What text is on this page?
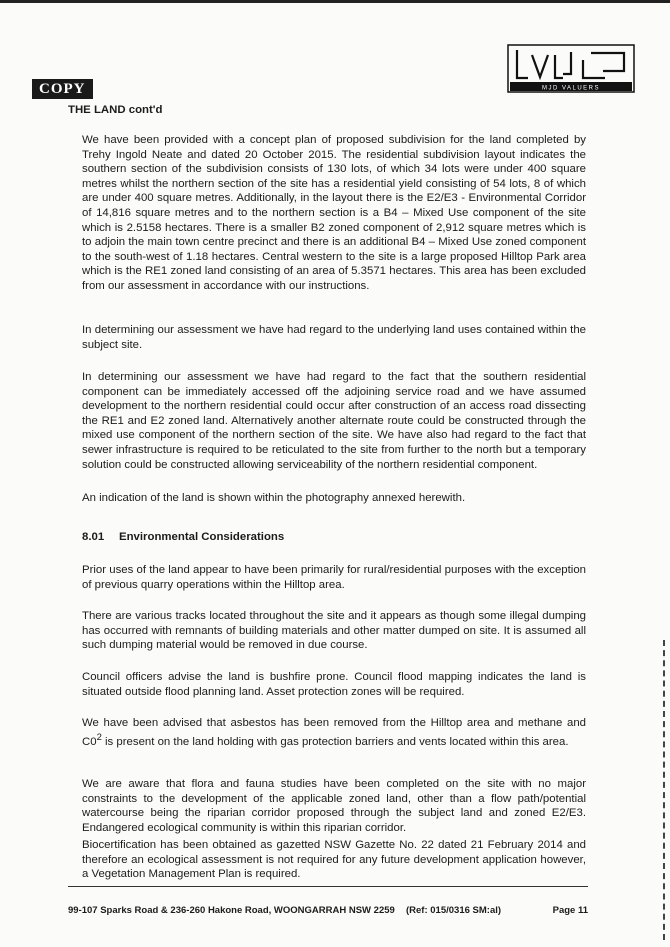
MJD VALUERS
COPY
THE LAND cont'd

We have been provided with a concept plan of proposed subdivision for the land completed by Trehy Ingold Neate and dated 20 October 2015. The residential subdivision layout indicates the southern section of the subdivision consists of 130 lots, of which 34 lots were under 400 square metres whilst the northern section of the site has a residential yield consisting of 54 lots, 8 of which are under 400 square metres. Additionally, in the layout there is the E2/E3 - Environmental Corridor of 14,816 square metres and to the northern section is a B4 – Mixed Use component of the site which is 2.5158 hectares. There is a smaller B2 zoned component of 2,912 square metres which is to adjoin the main town centre precinct and there is an additional B4 – Mixed Use zoned component to the south-west of 1.18 hectares. Central western to the site is a large proposed Hilltop Park area which is the RE1 zoned land consisting of an area of 5.3571 hectares. This area has been excluded from our assessment in accordance with our instructions.

In determining our assessment we have had regard to the underlying land uses contained within the subject site.

In determining our assessment we have had regard to the fact that the southern residential component can be immediately accessed off the adjoining service road and we have assumed development to the northern residential could occur after construction of an access road dissecting the RE1 and E2 zoned land. Alternatively another alternate route could be constructed through the mixed use component of the northern section of the site. We have also had regard to the fact that sewer infrastructure is required to be reticulated to the site from further to the north but a temporary solution could be constructed allowing serviceability of the northern residential component.

An indication of the land is shown within the photography annexed herewith.

8.01 Environmental Considerations

Prior uses of the land appear to have been primarily for rural/residential purposes with the exception of previous quarry operations within the Hilltop area.

There are various tracks located throughout the site and it appears as though some illegal dumping has occurred with remnants of building materials and other matter dumped on site. It is assumed all such dumping material would be removed in due course.

Council officers advise the land is bushfire prone. Council flood mapping indicates the land is situated outside flood planning land. Asset protection zones will be required.

We have been advised that asbestos has been removed from the Hilltop area and methane and $C0^2$ is present on the land holding with gas protection barriers and vents located within this area.

We are aware that flora and fauna studies have been completed on the site with no major constraints to the development of the applicable zoned land, other than a flow path/potential watercourse being the riparian corridor proposed through the subject land and zoned E2/E3. Endangered ecological community is within this riparian corridor.

Biocertification has been obtained as gazetted NSW Gazette No. 22 dated 21 February 2014 and therefore an ecological assessment is not required for any future development application however, a Vegetation Management Plan is required.

99-107 Sparks Road & 236-260 Hakone Road, WOONGARRAH NSW 2259 (Ref: 015/0316 SM:al)	Page 11
